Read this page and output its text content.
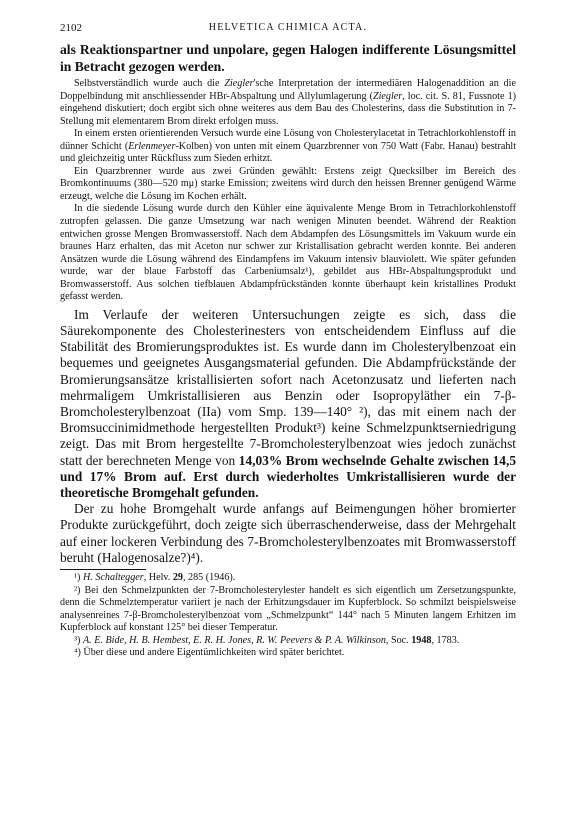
2102	HELVETICA CHIMICA ACTA.

als Reaktionspartner und unpolare, gegen Halogen indifferente Lösungsmittel in Betracht gezogen werden.

Selbstverständlich wurde auch die Ziegler'sche Interpretation der intermediären Halogenaddition an die Doppelbindung mit anschliessender HBr-Abspaltung und Allylumlagerung (Ziegler, loc. cit. S. 81, Fussnote 1) eingehend diskutiert; doch ergibt sich ohne weiteres aus dem Bau des Cholesterins, dass die Substitution in 7-Stellung mit elementarem Brom direkt erfolgen muss.

In einem ersten orientierenden Versuch wurde eine Lösung von Cholesterylacetat in Tetrachlorkohlenstoff in dünner Schicht (Erlenmeyer-Kolben) von unten mit einem Quarzbrenner von 750 Watt (Fabr. Hanau) bestrahlt und gleichzeitig unter Rückfluss zum Sieden erhitzt.

Ein Quarzbrenner wurde aus zwei Gründen gewählt: Erstens zeigt Quecksilber im Bereich des Bromkontinuums (380—520 mμ) starke Emission; zweitens wird durch den heissen Brenner genügend Wärme erzeugt, welche die Lösung im Kochen erhält.

In die siedende Lösung wurde durch den Kühler eine äquivalente Menge Brom in Tetrachlorkohlenstoff zutropfen gelassen. Die ganze Umsetzung war nach wenigen Minuten beendet. Während der Reaktion entwichen grosse Mengen Bromwasserstoff. Nach dem Abdampfen des Lösungsmittels im Vakuum wurde ein braunes Harz erhalten, das mit Aceton nur schwer zur Kristallisation gebracht werden konnte. Bei anderen Ansätzen wurde die Lösung während des Eindampfens im Vakuum intensiv blauviolett. Wie später gefunden wurde, war der blaue Farbstoff das Carbeniumsalz¹), gebildet aus HBr-Abspaltungsprodukt und Bromwasserstoff. Aus solchen tiefblauen Abdampfrückständen konnte überhaupt kein kristallines Produkt gefasst werden.

Im Verlaufe der weiteren Untersuchungen zeigte es sich, dass die Säurekomponente des Cholesterinesters von entscheidendem Einfluss auf die Stabilität des Bromierungsproduktes ist. Es wurde dann im Cholesterylbenzoat ein bequemes und geeignetes Ausgangsmaterial gefunden. Die Abdampfrückstände der Bromierungsansätze kristallisierten sofort nach Acetonzusatz und lieferten nach mehrmaligem Umkristallisieren aus Benzin oder Isopropyläther ein 7-β-Bromcholesterylbenzoat (IIa) vom Smp. 139—140° ²), das mit einem nach der Bromsuccinimidmethode hergestellten Produkt³) keine Schmelzpunktserniedrigung zeigt. Das mit Brom hergestellte 7-Bromcholesterylbenzoat wies jedoch zunächst statt der berechneten Menge von 14,03% Brom wechselnde Gehalte zwischen 14,5 und 17% Brom auf. Erst durch wiederholtes Umkristallisieren wurde der theoretische Bromgehalt gefunden.

Der zu hohe Bromgehalt wurde anfangs auf Beimengungen höher bromierter Produkte zurückgeführt, doch zeigte sich überraschenderweise, dass der Mehrgehalt auf einer lockeren Verbindung des 7-Bromcholesterylbenzoates mit Bromwasserstoff beruht (Halogenosalze?)⁴).

¹) H. Schaltegger, Helv. 29, 285 (1946).

²) Bei den Schmelzpunkten der 7-Bromcholesterylester handelt es sich eigentlich um Zersetzungspunkte, denn die Schmelztemperatur variiert je nach der Erhitzungsdauer im Kupferblock. So schmilzt beispielsweise analysenreines 7-β-Bromcholesterylbenzoat vom „Schmelzpunkt“ 144° nach 5 Minuten langem Erhitzen im Kupferblock auf konstant 125° bei dieser Temperatur.

³) A. E. Bide, H. B. Hembest, E. R. H. Jones, R. W. Peevers & P. A. Wilkinson, Soc. 1948, 1783.

⁴) Über diese und andere Eigentümlichkeiten wird später berichtet.
